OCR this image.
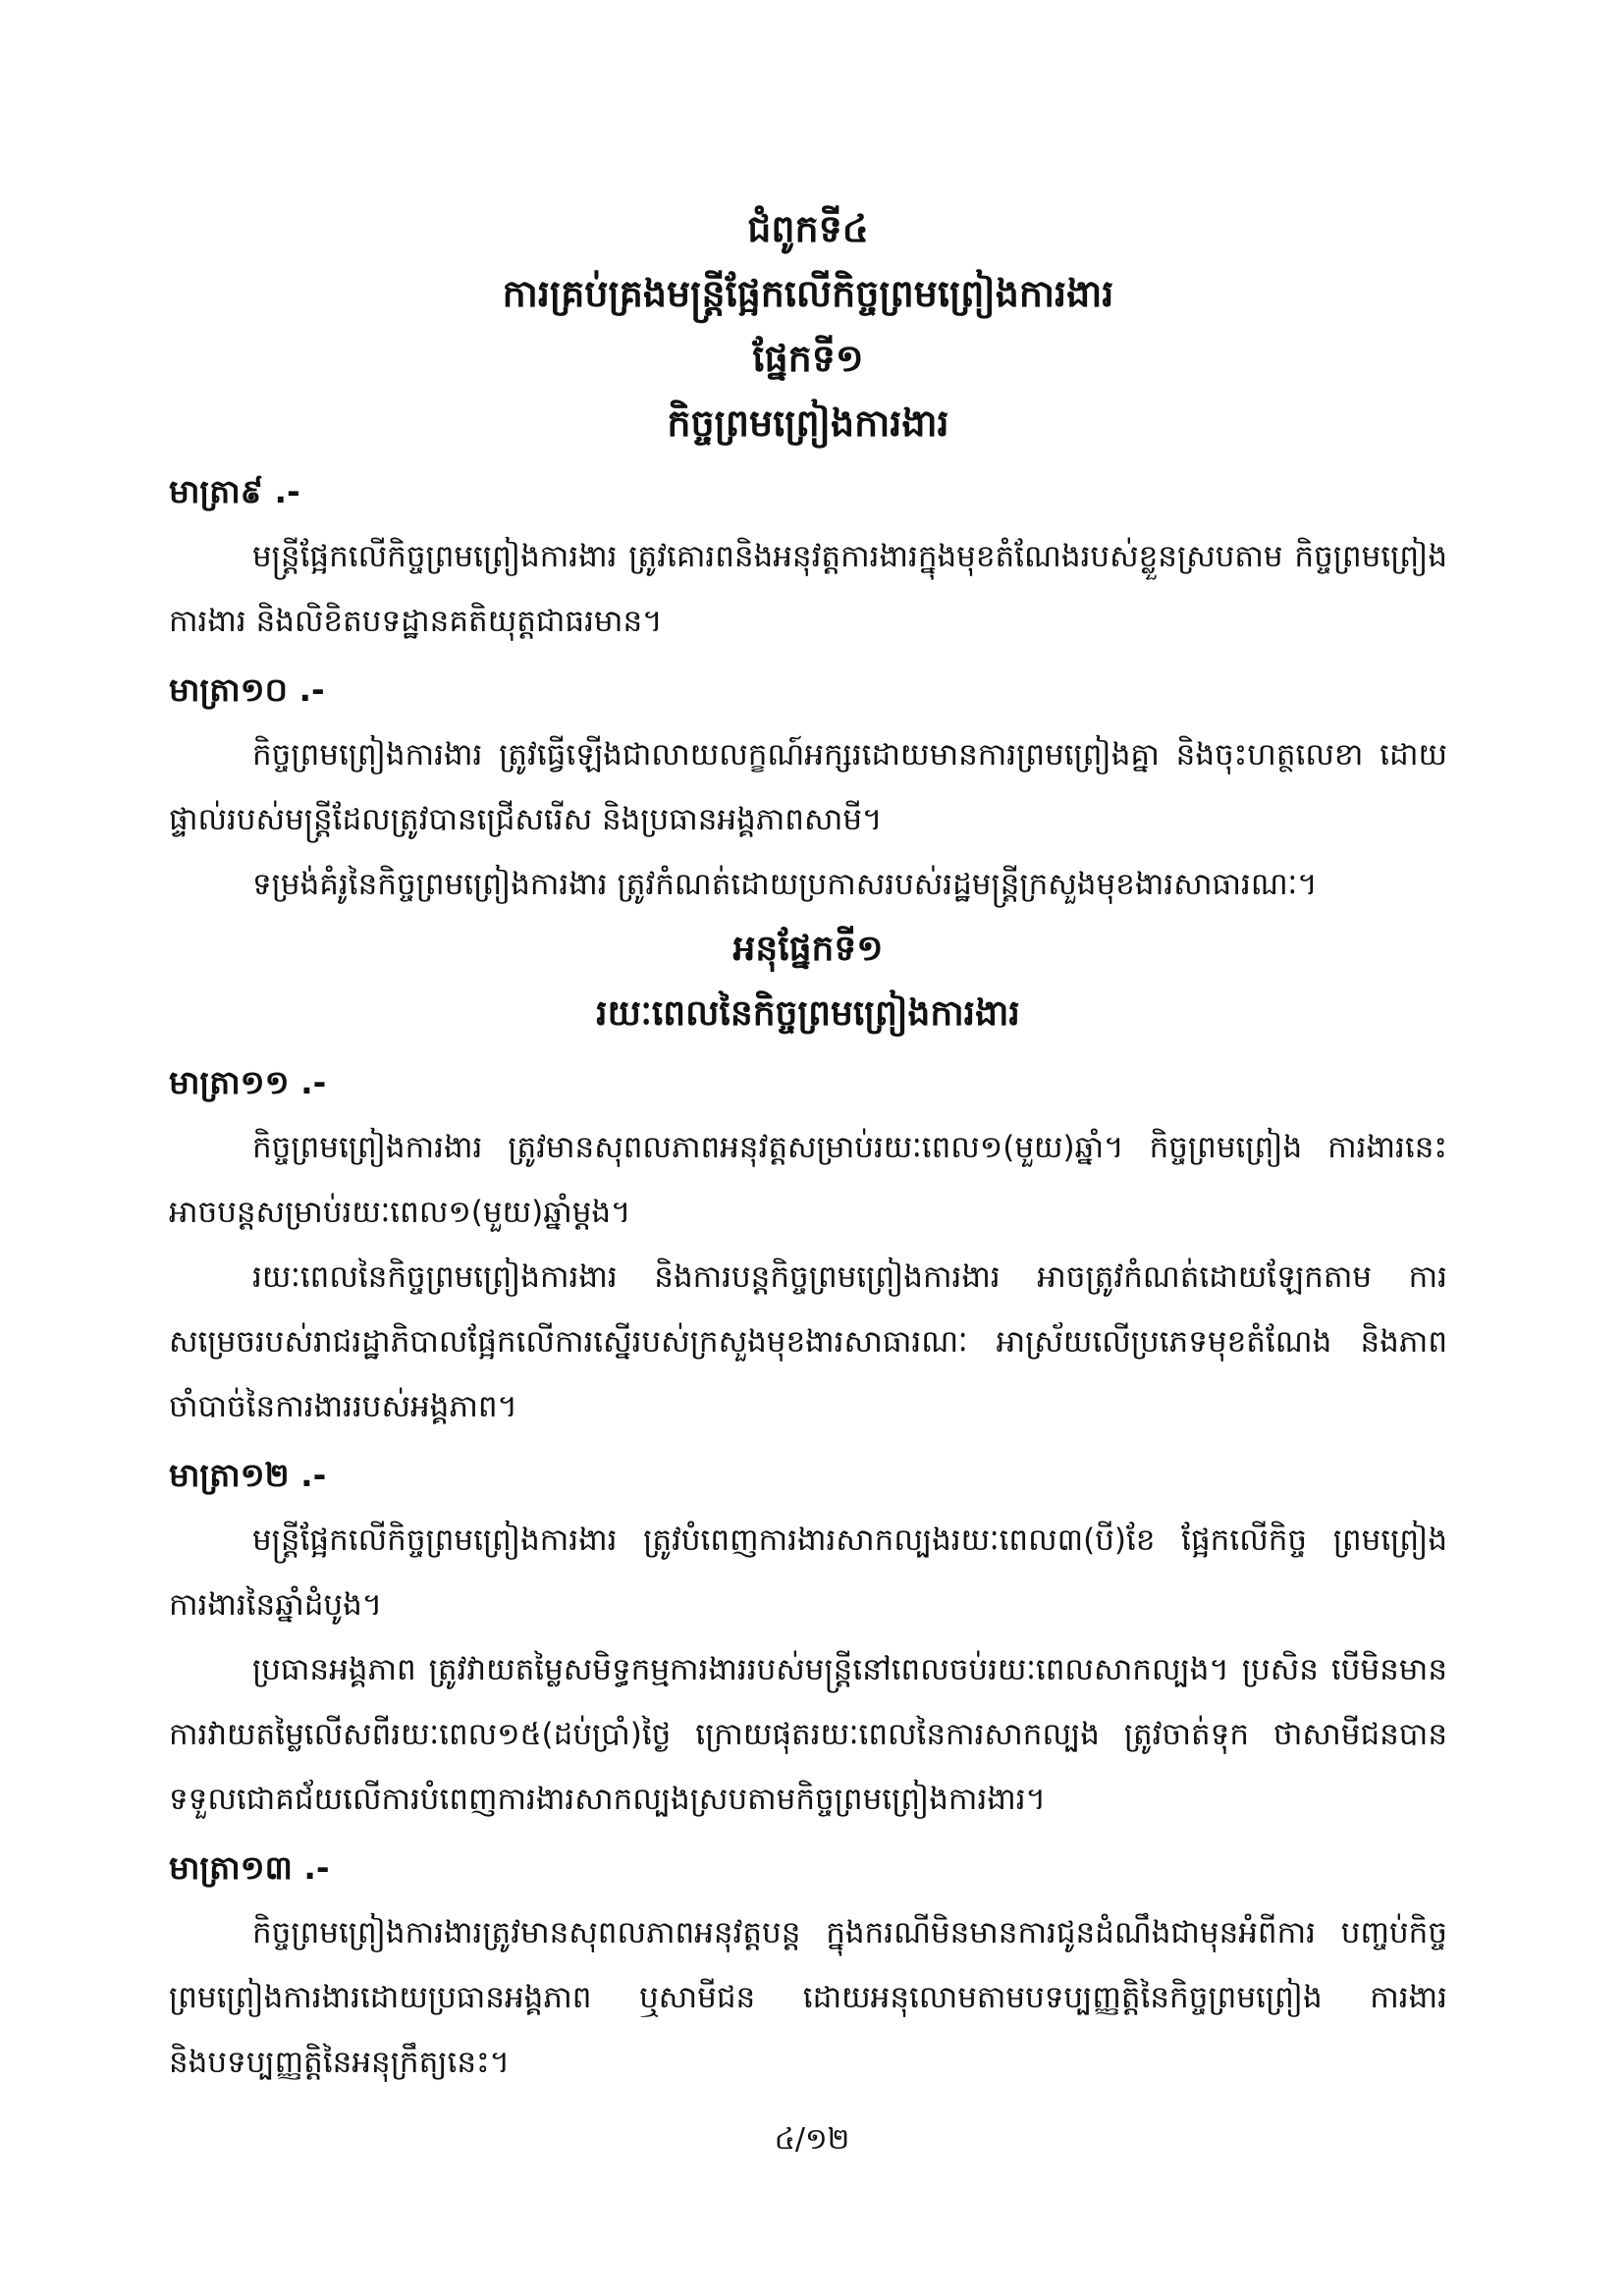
ជំពូកទី៤
ការគ្រប់គ្រងមន្ត្រីផ្អែកលើកិច្ចព្រមព្រៀងការងារ
ផ្នែកទី១
កិច្ចព្រមព្រៀងការងារ
មាត្រា៩ .-

មន្ត្រីផ្អែកលើកិច្ចព្រមព្រៀងការងារ ត្រូវគោរពនិងអនុវត្តការងារក្នុងមុខតំណែងរបស់ខ្លួនស្របតាម កិច្ចព្រមព្រៀងការងារ និងលិខិតបទដ្ឋានគតិយុត្តជាធរមាន។

មាត្រា១០ .-

កិច្ចព្រមព្រៀងការងារ ត្រូវធ្វើឡើងជាលាយលក្ខណ៍អក្សរដោយមានការព្រមព្រៀងគ្នា និងចុះហត្ថលេខា ដោយផ្ទាល់របស់មន្ត្រីដែលត្រូវបានជ្រើសរើស និងប្រធានអង្គភាពសាមី។

ទម្រង់គំរូនៃកិច្ចព្រមព្រៀងការងារ ត្រូវកំណត់ដោយប្រកាសរបស់រដ្ឋមន្ត្រីក្រសួងមុខងារសាធារណៈ។

អនុផ្នែកទី១
រយៈពេលនៃកិច្ចព្រមព្រៀងការងារ
មាត្រា១១ .-

កិច្ចព្រមព្រៀងការងារ ត្រូវមានសុពលភាពអនុវត្តសម្រាប់រយៈពេល១(មួយ)ឆ្នាំ។ កិច្ចព្រមព្រៀង ការងារនេះ អាចបន្តសម្រាប់រយៈពេល១(មួយ)ឆ្នាំម្តង។

រយៈពេលនៃកិច្ចព្រមព្រៀងការងារ និងការបន្តកិច្ចព្រមព្រៀងការងារ អាចត្រូវកំណត់ដោយឡែកតាម ការសម្រេចរបស់រាជរដ្ឋាភិបាលផ្អែកលើការស្នើរបស់ក្រសួងមុខងារសាធារណៈ អាស្រ័យលើប្រភេទមុខតំណែង និងភាពចាំបាច់នៃការងាររបស់អង្គភាព។

មាត្រា១២ .-

មន្ត្រីផ្អែកលើកិច្ចព្រមព្រៀងការងារ ត្រូវបំពេញការងារសាកល្បងរយៈពេល៣(បី)ខែ ផ្អែកលើកិច្ច ព្រមព្រៀងការងារនៃឆ្នាំដំបូង។

ប្រធានអង្គភាព ត្រូវវាយតម្លៃសមិទ្ធកម្មការងាររបស់មន្ត្រីនៅពេលចប់រយៈពេលសាកល្បង។ ប្រសិន បើមិនមានការវាយតម្លៃលើសពីរយៈពេល១៥(ដប់ប្រាំ)ថ្ងៃ ក្រោយផុតរយៈពេលនៃការសាកល្បង ត្រូវចាត់ទុក ថាសាមីជនបានទទួលជោគជ័យលើការបំពេញការងារសាកល្បងស្របតាមកិច្ចព្រមព្រៀងការងារ។

មាត្រា១៣ .-

កិច្ចព្រមព្រៀងការងារត្រូវមានសុពលភាពអនុវត្តបន្ត ក្នុងករណីមិនមានការជូនដំណឹងជាមុនអំពីការ បញ្ចប់កិច្ចព្រមព្រៀងការងារដោយប្រធានអង្គភាព ឬសាមីជន ដោយអនុលោមតាមបទប្បញ្ញត្តិនៃកិច្ចព្រមព្រៀង ការងារ និងបទប្បញ្ញត្តិនៃអនុក្រឹត្យនេះ។

៤/១២
